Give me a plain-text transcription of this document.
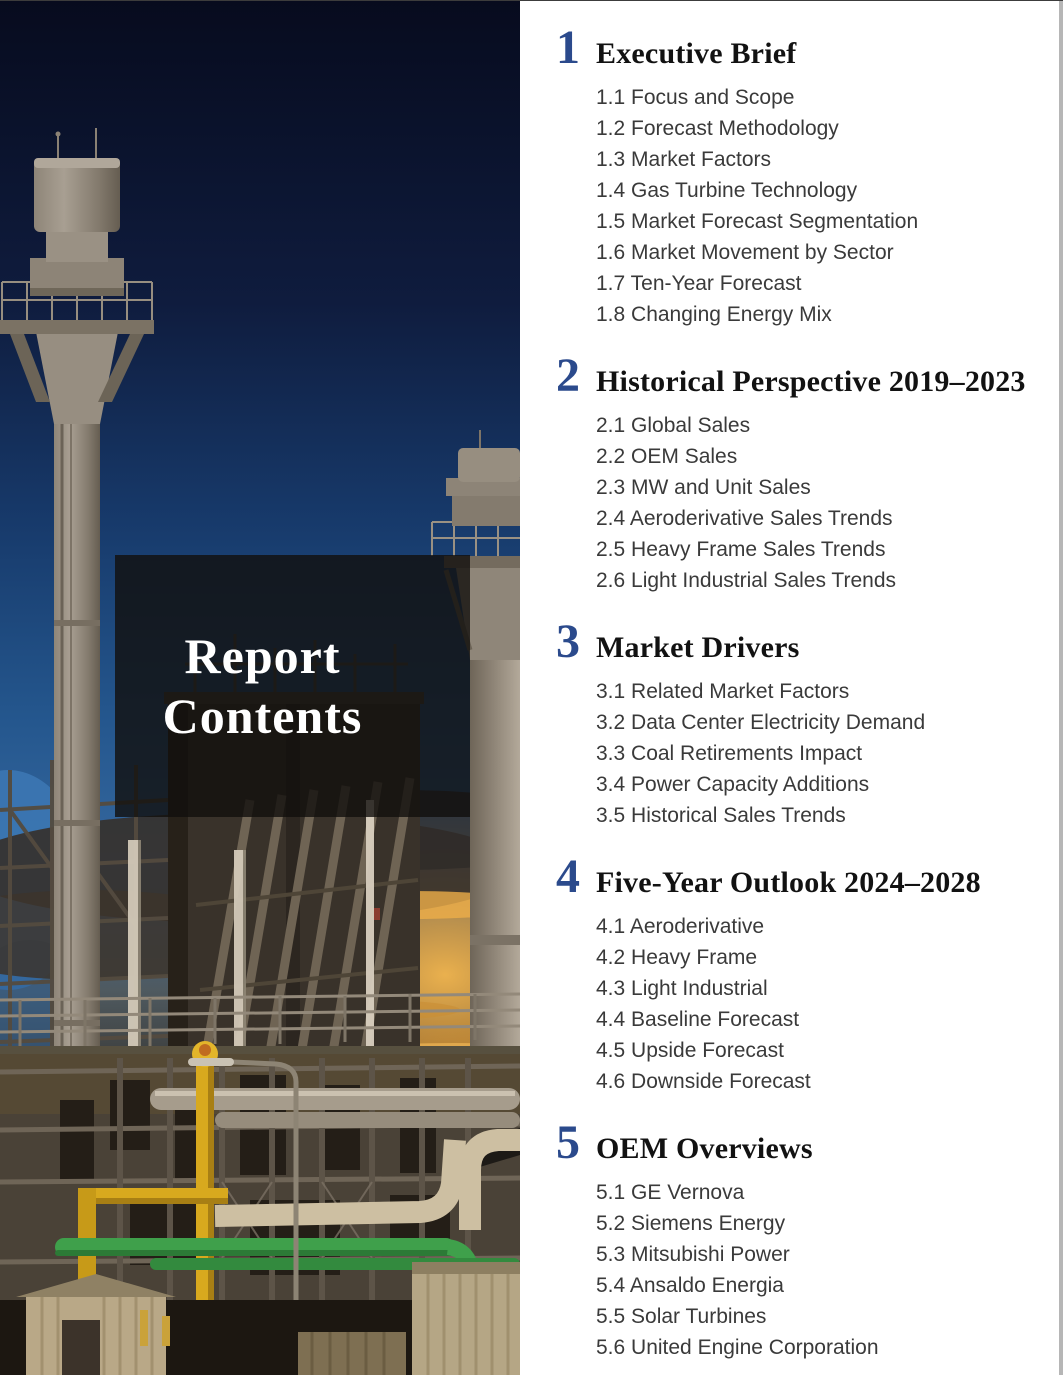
Report
Contents
1 Executive Brief
1.1 Focus and Scope
1.2 Forecast Methodology
1.3 Market Factors
1.4 Gas Turbine Technology
1.5 Market Forecast Segmentation
1.6 Market Movement by Sector
1.7 Ten-Year Forecast
1.8 Changing Energy Mix
2 Historical Perspective 2019–2023
2.1 Global Sales
2.2 OEM Sales
2.3 MW and Unit Sales
2.4 Aeroderivative Sales Trends
2.5 Heavy Frame Sales Trends
2.6 Light Industrial Sales Trends
3 Market Drivers
3.1 Related Market Factors
3.2 Data Center Electricity Demand
3.3 Coal Retirements Impact
3.4 Power Capacity Additions
3.5 Historical Sales Trends
4 Five-Year Outlook 2024–2028
4.1 Aeroderivative
4.2 Heavy Frame
4.3 Light Industrial
4.4 Baseline Forecast
4.5 Upside Forecast
4.6 Downside Forecast
5 OEM Overviews
5.1 GE Vernova
5.2 Siemens Energy
5.3 Mitsubishi Power
5.4 Ansaldo Energia
5.5 Solar Turbines
5.6 United Engine Corporation
